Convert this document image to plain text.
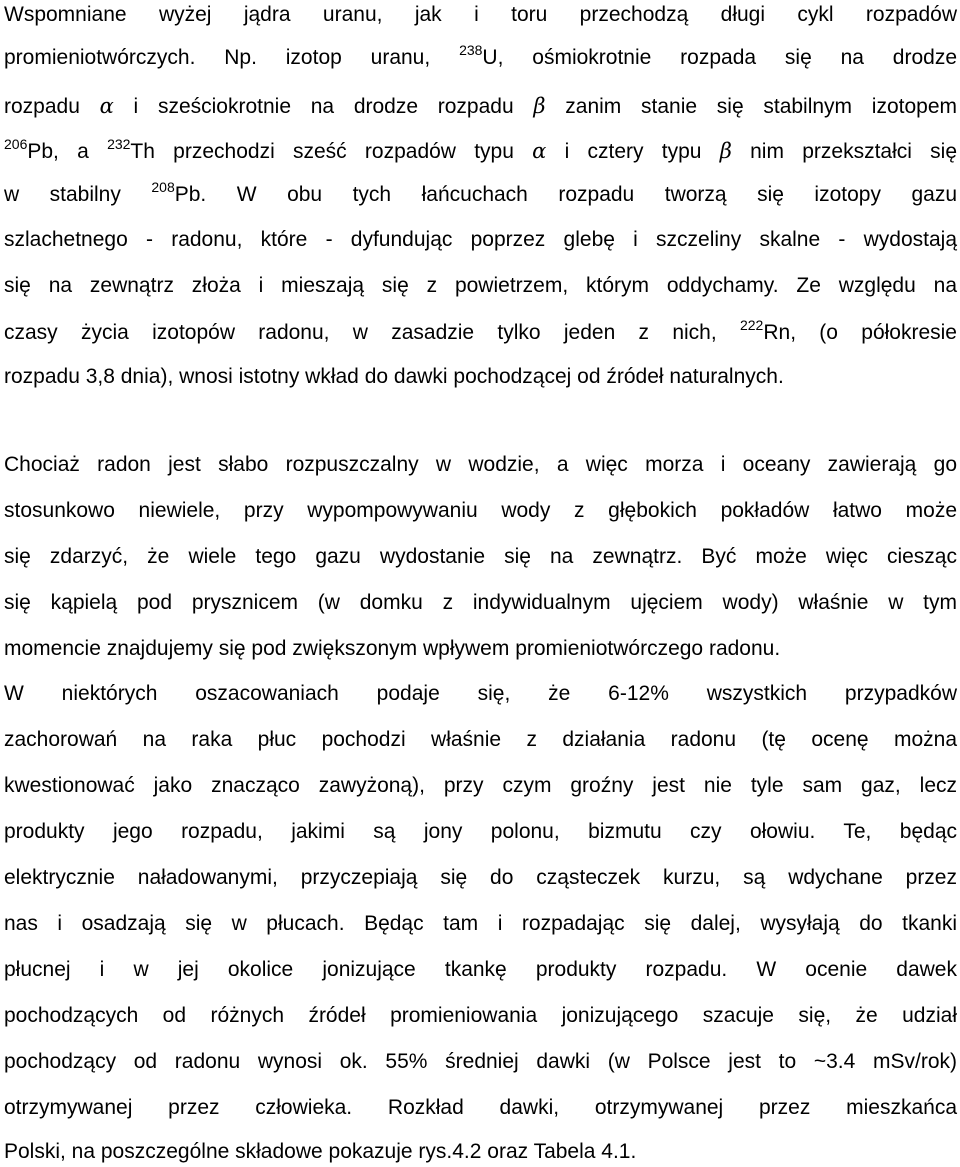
Wspomniane wyżej jądra uranu, jak i toru przechodzą długi cykl rozpadów
promieniotwórczych. Np. izotop uranu, $^{238}$U, ośmiokrotnie rozpada się na drodze
rozpadu α i sześciokrotnie na drodze rozpadu β zanim stanie się stabilnym izotopem
$^{206}$Pb, a $^{232}$Th przechodzi sześć rozpadów typu α i cztery typu β nim przekształci się
w stabilny $^{208}$Pb. W obu tych łańcuchach rozpadu tworzą się izotopy gazu
szlachetnego - radonu, które - dyfundując poprzez glebę i szczeliny skalne - wydostają
się na zewnątrz złoża i mieszają się z powietrzem, którym oddychamy. Ze względu na
czasy życia izotopów radonu, w zasadzie tylko jeden z nich, $^{222}$Rn, (o półokresie
rozpadu 3,8 dnia), wnosi istotny wkład do dawki pochodzącej od źródeł naturalnych.
Chociaż radon jest słabo rozpuszczalny w wodzie, a więc morza i oceany zawierają go
stosunkowo niewiele, przy wypompowywaniu wody z głębokich pokładów łatwo może
się zdarzyć, że wiele tego gazu wydostanie się na zewnątrz. Być może więc ciesząc
się kąpielą pod prysznicem (w domku z indywidualnym ujęciem wody) właśnie w tym
momencie znajdujemy się pod zwiększonym wpływem promieniotwórczego radonu.
W niektórych oszacowaniach podaje się, że 6-12% wszystkich przypadków
zachorowań na raka płuc pochodzi właśnie z działania radonu (tę ocenę można
kwestionować jako znacząco zawyżoną), przy czym groźny jest nie tyle sam gaz, lecz
produkty jego rozpadu, jakimi są jony polonu, bizmutu czy ołowiu. Te, będąc
elektrycznie naładowanymi, przyczepiają się do cząsteczek kurzu, są wdychane przez
nas i osadzają się w płucach. Będąc tam i rozpadając się dalej, wysyłają do tkanki
płucnej i w jej okolice jonizujące tkankę produkty rozpadu. W ocenie dawek
pochodzących od różnych źródeł promieniowania jonizującego szacuje się, że udział
pochodzący od radonu wynosi ok. 55% średniej dawki (w Polsce jest to ~3.4 mSv/rok)
otrzymywanej przez człowieka. Rozkład dawki, otrzymywanej przez mieszkańca
Polski, na poszczególne składowe pokazuje rys.4.2 oraz Tabela 4.1.
